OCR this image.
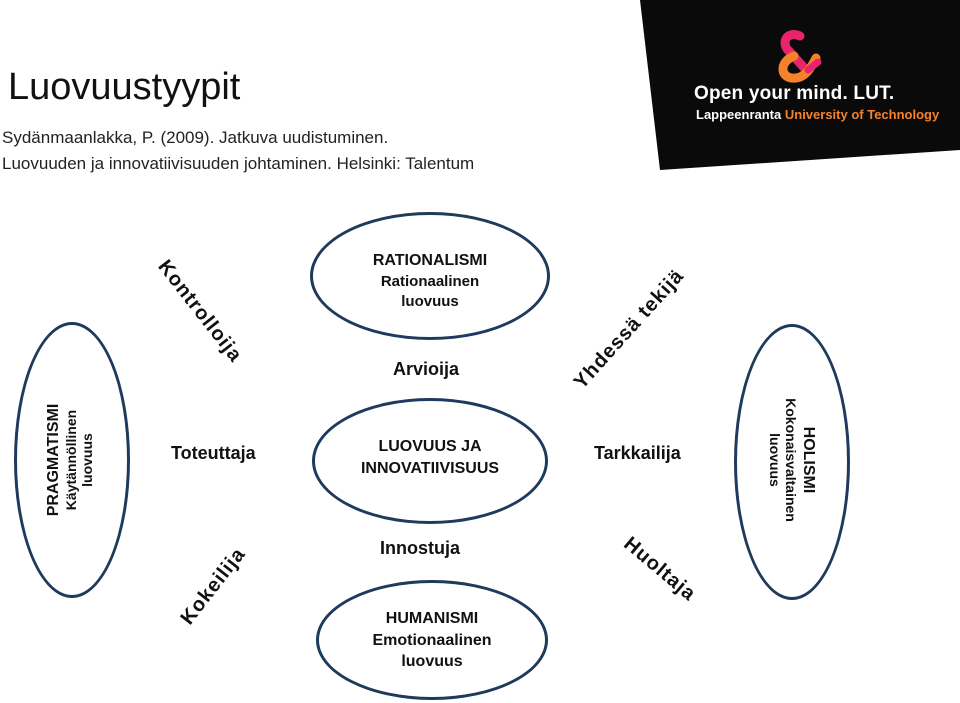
Open your mind. LUT.
Lappeenranta University of Technology
Luovuustyypit
Sydänmaanlakka, P. (2009). Jatkuva uudistuminen.
Luovuuden ja innovatiivisuuden johtaminen. Helsinki: Talentum
RATIONALISMI
Rationaalinen
luovuus
LUOVUUS JA
INNOVATIIVISUUS
HUMANISMI
Emotionaalinen
luovuus
PRAGMATISMI Käytännöllinen luovuus	HOLISMI
Kokonaisvaltainen
luovuus
Arvioija
Innostuja
Toteuttaja	Tarkkailija
Kontrolloija	Yhdessä tekijä
Kokeilija	Huoltaja
